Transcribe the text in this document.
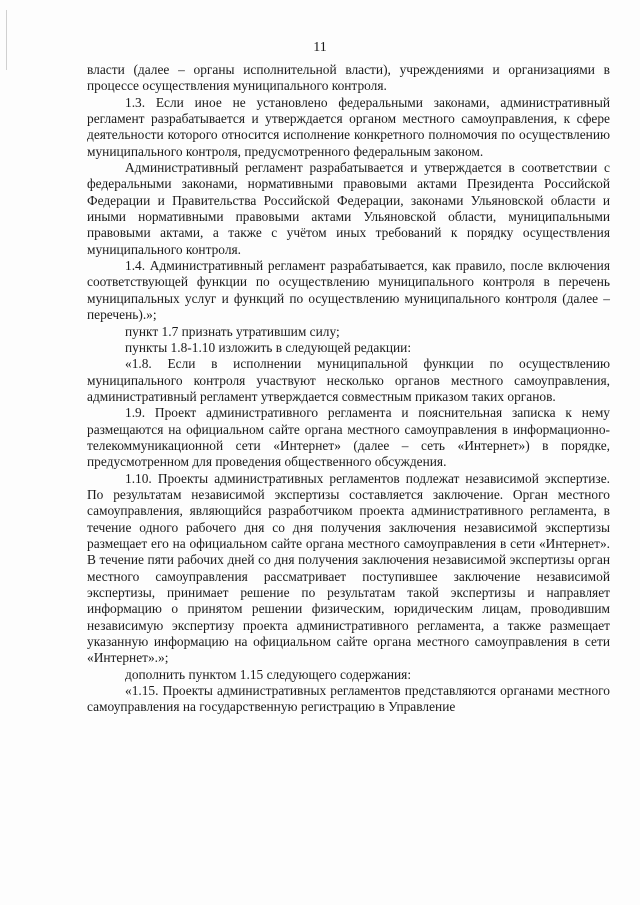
11

власти (далее – органы исполнительной власти), учреждениями и организациями в процессе осуществления муниципального контроля.

1.3. Если иное не установлено федеральными законами, административный регламент разрабатывается и утверждается органом местного самоуправления, к сфере деятельности которого относится исполнение конкретного полномочия по осуществлению муниципального контроля, предусмотренного федеральным законом.

Административный регламент разрабатывается и утверждается в соответствии с федеральными законами, нормативными правовыми актами Президента Российской Федерации и Правительства Российской Федерации, законами Ульяновской области и иными нормативными правовыми актами Ульяновской области, муниципальными правовыми актами, а также с учётом иных требований к порядку осуществления муниципального контроля.

1.4. Административный регламент разрабатывается, как правило, после включения соответствующей функции по осуществлению муниципального контроля в перечень муниципальных услуг и функций по осуществлению муниципального контроля (далее – перечень).»;

пункт 1.7 признать утратившим силу;

пункты 1.8-1.10 изложить в следующей редакции:

«1.8. Если в исполнении муниципальной функции по осуществлению муниципального контроля участвуют несколько органов местного самоуправления, административный регламент утверждается совместным приказом таких органов.

1.9. Проект административного регламента и пояснительная записка к нему размещаются на официальном сайте органа местного самоуправления в информационно-телекоммуникационной сети «Интернет» (далее – сеть «Интернет») в порядке, предусмотренном для проведения общественного обсуждения.

1.10. Проекты административных регламентов подлежат независимой экспертизе. По результатам независимой экспертизы составляется заключение. Орган местного самоуправления, являющийся разработчиком проекта административного регламента, в течение одного рабочего дня со дня получения заключения независимой экспертизы размещает его на официальном сайте органа местного самоуправления в сети «Интернет». В течение пяти рабочих дней со дня получения заключения независимой экспертизы орган местного самоуправления рассматривает поступившее заключение независимой экспертизы, принимает решение по результатам такой экспертизы и направляет информацию о принятом решении физическим, юридическим лицам, проводившим независимую экспертизу проекта административного регламента, а также размещает указанную информацию на официальном сайте органа местного самоуправления в сети «Интернет».»;

дополнить пунктом 1.15 следующего содержания:

«1.15. Проекты административных регламентов представляются органами местного самоуправления на государственную регистрацию в Управление
